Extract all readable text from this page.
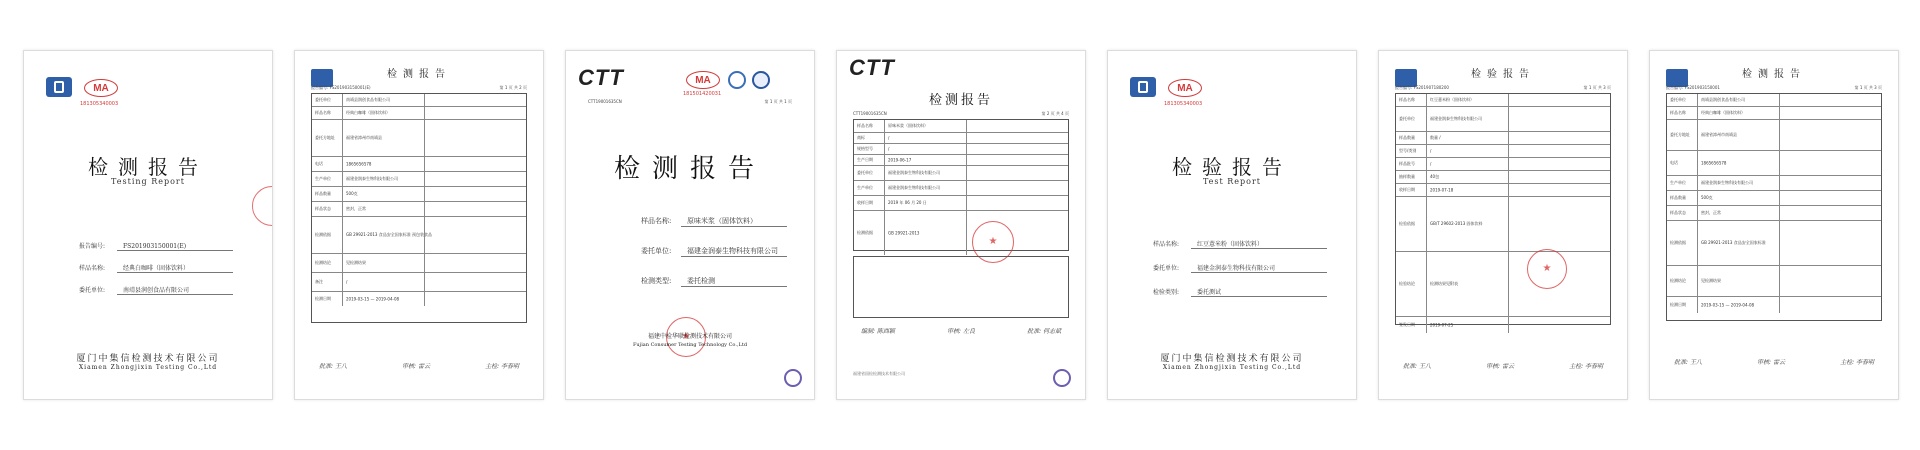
MA
181305340003
检测报告
Testing Report
报告编号:	FS201903150001(E)
样品名称:	经典白咖啡（固体饮料）
委托单位:	南靖县润创食品有限公司
厦门中集信检测技术有限公司
Xiamen Zhongjixin Testing Co.,Ltd
检测报告
报告编号: FS201903150001(E)	第 1 页 共 2 页
委托单位	南靖县润创食品有限公司
样品名称	经典白咖啡（固体饮料）
委托方地址	福建省漳州市南靖县
电话	1865656578
生产单位	福建金润泰生物科技有限公司
样品数量	500克
样品状态	密封，正常
检测依据	GB 29921-2013 食品安全国家标准 预包装食品
检测结论	见检测结果
备注	/
检测日期	2019-03-15 — 2019-04-08
批准: 王八	审核: 雷云	主检: 李春明
CTT	MA
181501420031
CTT19001635CN	第 1 页 共 1 页
检测报告
样品名称: 原味米浆（固体饮料）
委托单位: 福建金润泰生物科技有限公司
检测类型: 委托检测
★
福建中检华联检测技术有限公司
Fujian Consumer Testing Technology Co.,Ltd
CTT
检测报告
CTT19001635CN	第 2 页 共 4 页
样品名称	原味米浆（固体饮料）
商标	/
规格型号	/
生产日期	2019-06-17
委托单位	福建金润泰生物科技有限公司
生产单位	福建金润泰生物科技有限公司
收样日期	2019 年 06 月 20 日
检测依据	GB 29921-2013
★
编制: 陈西颖	审核: 左良	批准: 何志斌
福建省国检检测技术有限公司
MA
181305340003
检验报告
Test Report
样品名称:	红豆薏米粉（固体饮料）
委托单位:	福建金润泰生物科技有限公司
检验类别:	委托测试
厦门中集信检测技术有限公司
Xiamen Zhongjixin Testing Co.,Ltd
检验报告
报告编号: FS201907180200	第 1 页 共 3 页
样品名称	红豆薏米粉（固体饮料）
委托单位	福建金润泰生物科技有限公司
样品数量	数量 /
型号/类别	/
样品批号	/
抽样数量	40包
收样日期	2019-07-18
检验依据	GB/T 29602-2013 固体饮料
检验结论	检测结果见附表
签发日期	2019-07-25
★
批准: 王八	审核: 雷云	主检: 李春明
检测报告
报告编号: FS201903150001	第 1 页 共 3 页
委托单位	南靖县润创食品有限公司
样品名称	经典白咖啡（固体饮料）
委托方地址	福建省漳州市南靖县
电话	1865656578
生产单位	福建金润泰生物科技有限公司
样品数量	500克
样品状态	密封，正常
检测依据	GB 29921-2013 食品安全国家标准
检测结论	见检测结果
检测日期	2019-03-15 — 2019-04-08
批准: 王八	审核: 雷云	主检: 李春明
